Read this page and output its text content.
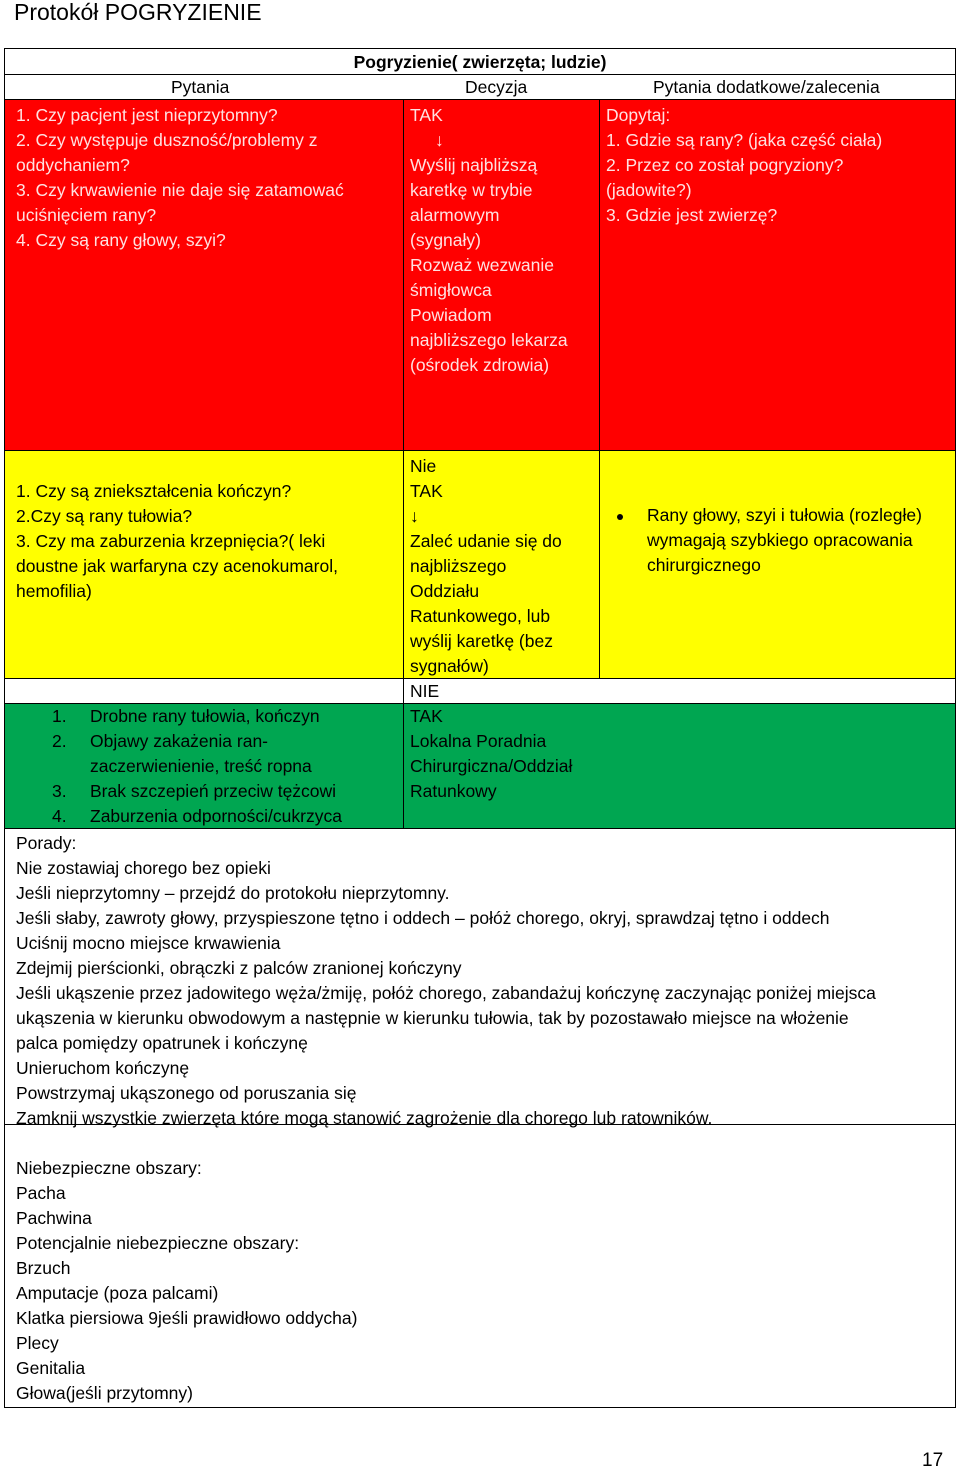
Protokół POGRYZIENIE
Pogryzienie( zwierzęta; ludzie)
Pytania	Decyzja	Pytania dodatkowe/zalecenia
1. Czy pacjent jest nieprzytomny?
2. Czy występuje duszność/problemy z
oddychaniem?
3. Czy krwawienie nie daje się zatamować
uciśnięciem rany?
4. Czy są rany głowy, szyi?
TAK
↓
Wyślij najbliższą
karetkę w trybie
alarmowym
(sygnały)
Rozważ wezwanie
śmigłowca
Powiadom
najbliższego lekarza
(ośrodek zdrowia)
Dopytaj:
1. Gdzie są rany? (jaka część ciała)
2. Przez co został pogryziony?
(jadowite?)
3. Gdzie jest zwierzę?
1. Czy są zniekształcenia kończyn?
2.Czy są rany tułowia?
3. Czy ma zaburzenia krzepnięcia?( leki
doustne jak warfaryna czy acenokumarol,
hemofilia)
Nie
TAK
↓
Zaleć udanie się do
najbliższego
Oddziału
Ratunkowego, lub
wyślij karetkę (bez
sygnałów)
Rany głowy, szyi i tułowia (rozległe)
wymagają szybkiego opracowania
chirurgicznego
NIE
1. Drobne rany tułowia, kończyn
2. Objawy zakażenia ran-
zaczerwienienie, treść ropna
3. Brak szczepień przeciw tężcowi
4. Zaburzenia odporności/cukrzyca
TAK
Lokalna Poradnia
Chirurgiczna/Oddział
Ratunkowy
Porady:
Nie zostawiaj chorego bez opieki
Jeśli nieprzytomny – przejdź do protokołu nieprzytomny.
Jeśli słaby, zawroty głowy, przyspieszone tętno i oddech – połóż chorego, okryj, sprawdzaj tętno i oddech
Uciśnij mocno miejsce krwawienia
Zdejmij pierścionki, obrączki z palców zranionej kończyny
Jeśli ukąszenie przez jadowitego węża/żmiję, połóż chorego, zabandażuj kończynę zaczynając poniżej miejsca
ukąszenia w kierunku obwodowym a następnie w kierunku tułowia, tak by pozostawało miejsce na włożenie
palca pomiędzy opatrunek i kończynę
Unieruchom kończynę
Powstrzymaj ukąszonego od poruszania się
Zamknij wszystkie zwierzęta które mogą stanowić zagrożenie dla chorego lub ratowników.
Niebezpieczne obszary:
Pacha
Pachwina
Potencjalnie niebezpieczne obszary:
Brzuch
Amputacje (poza palcami)
Klatka piersiowa 9jeśli prawidłowo oddycha)
Plecy
Genitalia
Głowa(jeśli przytomny)
17
